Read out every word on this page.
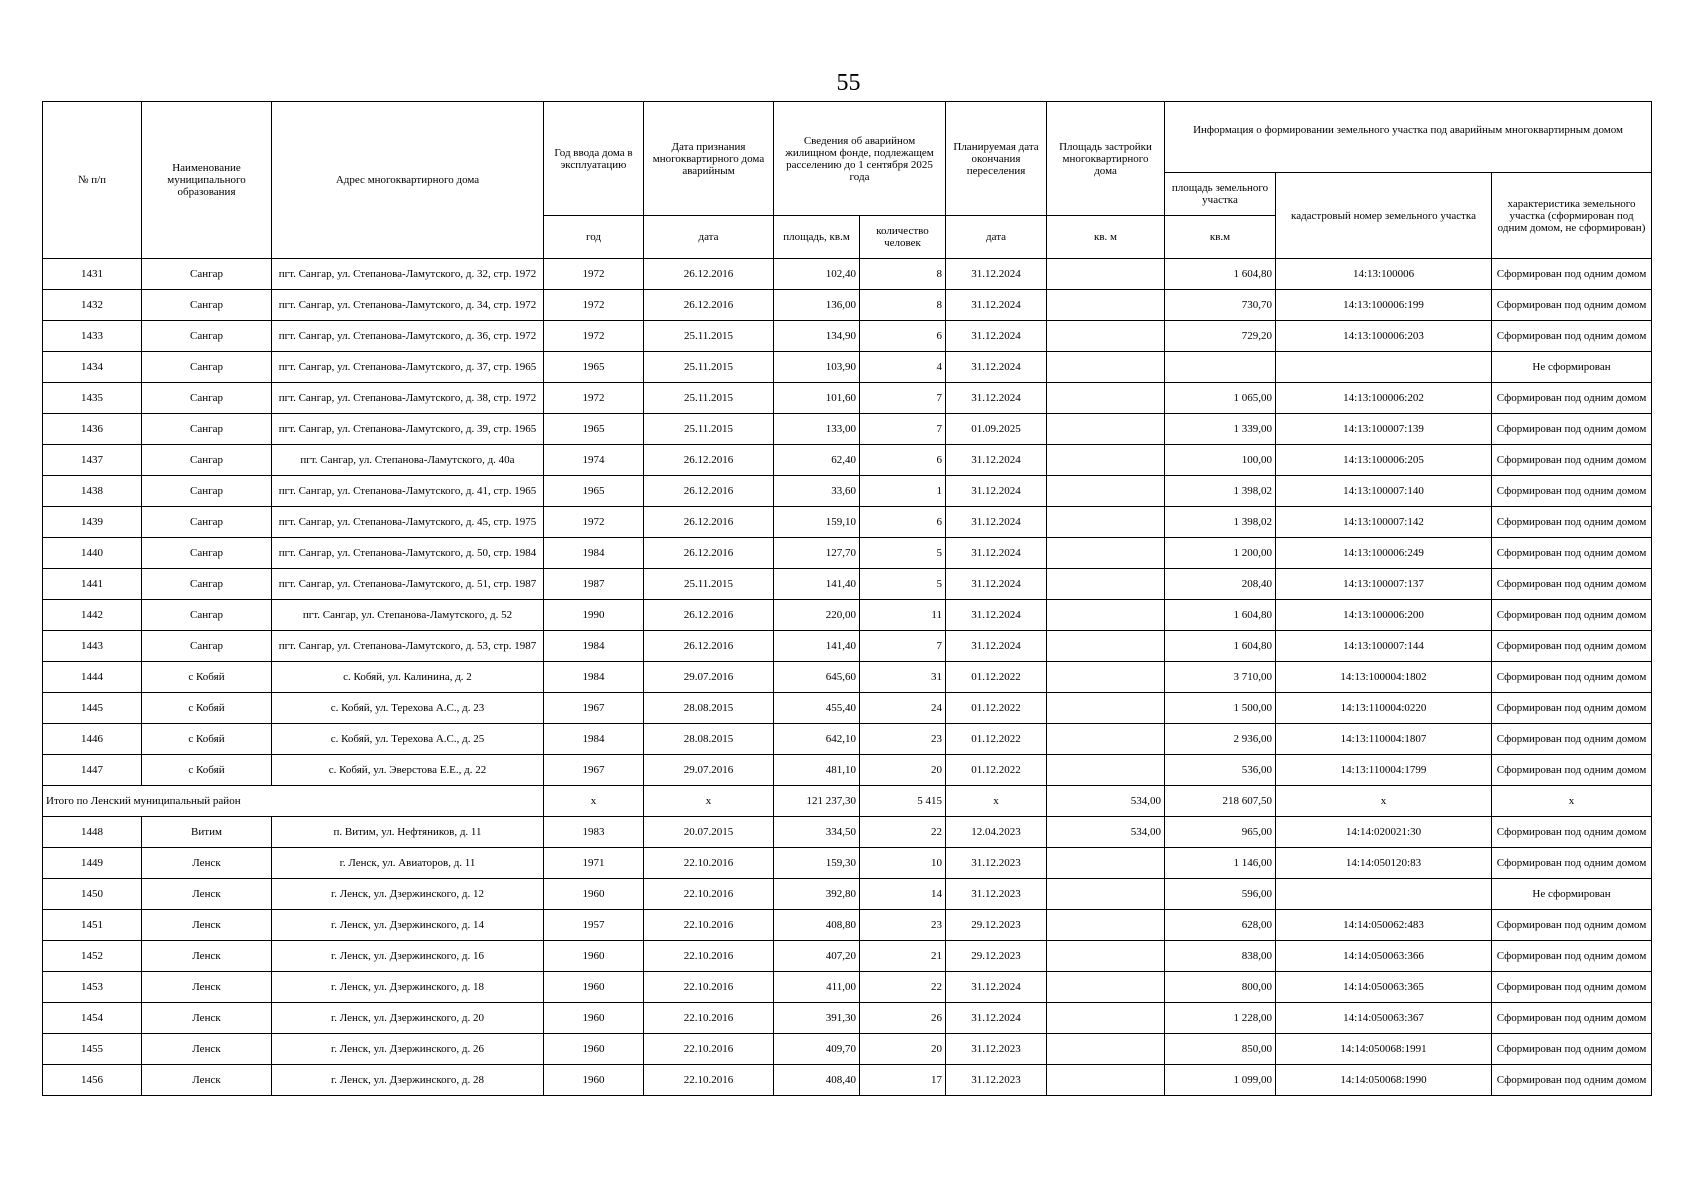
55
№ п/п	Наименование муниципального образования	Адрес многоквартирного дома	Год ввода дома в эксплуатацию	Дата признания многоквартирного дома аварийным	Сведения об аварийном жилищном фонде, подлежащем расселению до 1 сентября 2025 года		Планируемая дата окончания переселения	Площадь застройки многоквартирного дома	Информация о формировании земельного участка под аварийным многоквартирным домом		
									площадь земельного участка	кадастровый номер земельного участка	характеристика земельного участка (сформирован под одним домом, не сформирован)
			год	дата	площадь, кв.м	количество человек	дата	кв. м	кв.м		
1431	Сангар	пгт. Сангар, ул. Степанова-Ламутского, д. 32, стр. 1972	1972	26.12.2016	102,40	8	31.12.2024		1 604,80	14:13:100006	Сформирован под одним домом
1432	Сангар	пгт. Сангар, ул. Степанова-Ламутского, д. 34, стр. 1972	1972	26.12.2016	136,00	8	31.12.2024		730,70	14:13:100006:199	Сформирован под одним домом
1433	Сангар	пгт. Сангар, ул. Степанова-Ламутского, д. 36, стр. 1972	1972	25.11.2015	134,90	6	31.12.2024		729,20	14:13:100006:203	Сформирован под одним домом
1434	Сангар	пгт. Сангар, ул. Степанова-Ламутского, д. 37, стр. 1965	1965	25.11.2015	103,90	4	31.12.2024				Не сформирован
1435	Сангар	пгт. Сангар, ул. Степанова-Ламутского, д. 38, стр. 1972	1972	25.11.2015	101,60	7	31.12.2024		1 065,00	14:13:100006:202	Сформирован под одним домом
1436	Сангар	пгт. Сангар, ул. Степанова-Ламутского, д. 39, стр. 1965	1965	25.11.2015	133,00	7	01.09.2025		1 339,00	14:13:100007:139	Сформирован под одним домом
1437	Сангар	пгт. Сангар, ул. Степанова-Ламутского, д. 40а	1974	26.12.2016	62,40	6	31.12.2024		100,00	14:13:100006:205	Сформирован под одним домом
1438	Сангар	пгт. Сангар, ул. Степанова-Ламутского, д. 41, стр. 1965	1965	26.12.2016	33,60	1	31.12.2024		1 398,02	14:13:100007:140	Сформирован под одним домом
1439	Сангар	пгт. Сангар, ул. Степанова-Ламутского, д. 45, стр. 1975	1972	26.12.2016	159,10	6	31.12.2024		1 398,02	14:13:100007:142	Сформирован под одним домом
1440	Сангар	пгт. Сангар, ул. Степанова-Ламутского, д. 50, стр. 1984	1984	26.12.2016	127,70	5	31.12.2024		1 200,00	14:13:100006:249	Сформирован под одним домом
1441	Сангар	пгт. Сангар, ул. Степанова-Ламутского, д. 51, стр. 1987	1987	25.11.2015	141,40	5	31.12.2024		208,40	14:13:100007:137	Сформирован под одним домом
1442	Сангар	пгт. Сангар, ул. Степанова-Ламутского, д. 52	1990	26.12.2016	220,00	11	31.12.2024		1 604,80	14:13:100006:200	Сформирован под одним домом
1443	Сангар	пгт. Сангар, ул. Степанова-Ламутского, д. 53, стр. 1987	1984	26.12.2016	141,40	7	31.12.2024		1 604,80	14:13:100007:144	Сформирован под одним домом
1444	с Кобяй	с. Кобяй, ул. Калинина, д. 2	1984	29.07.2016	645,60	31	01.12.2022		3 710,00	14:13:100004:1802	Сформирован под одним домом
1445	с Кобяй	с. Кобяй, ул. Терехова А.С., д. 23	1967	28.08.2015	455,40	24	01.12.2022		1 500,00	14:13:110004:0220	Сформирован под одним домом
1446	с Кобяй	с. Кобяй, ул. Терехова А.С., д. 25	1984	28.08.2015	642,10	23	01.12.2022		2 936,00	14:13:110004:1807	Сформирован под одним домом
1447	с Кобяй	с. Кобяй, ул. Эверстова Е.Е., д. 22	1967	29.07.2016	481,10	20	01.12.2022		536,00	14:13:110004:1799	Сформирован под одним домом
Итого по Ленский муниципальный район			x	x	121 237,30	5 415	x	534,00	218 607,50	x	x
1448	Витим	п. Витим, ул. Нефтяников, д. 11	1983	20.07.2015	334,50	22	12.04.2023	534,00	965,00	14:14:020021:30	Сформирован под одним домом
1449	Ленск	г. Ленск, ул. Авиаторов, д. 11	1971	22.10.2016	159,30	10	31.12.2023		1 146,00	14:14:050120:83	Сформирован под одним домом
1450	Ленск	г. Ленск, ул. Дзержинского, д. 12	1960	22.10.2016	392,80	14	31.12.2023		596,00		Не сформирован
1451	Ленск	г. Ленск, ул. Дзержинского, д. 14	1957	22.10.2016	408,80	23	29.12.2023		628,00	14:14:050062:483	Сформирован под одним домом
1452	Ленск	г. Ленск, ул. Дзержинского, д. 16	1960	22.10.2016	407,20	21	29.12.2023		838,00	14:14:050063:366	Сформирован под одним домом
1453	Ленск	г. Ленск, ул. Дзержинского, д. 18	1960	22.10.2016	411,00	22	31.12.2024		800,00	14:14:050063:365	Сформирован под одним домом
1454	Ленск	г. Ленск, ул. Дзержинского, д. 20	1960	22.10.2016	391,30	26	31.12.2024		1 228,00	14:14:050063:367	Сформирован под одним домом
1455	Ленск	г. Ленск, ул. Дзержинского, д. 26	1960	22.10.2016	409,70	20	31.12.2023		850,00	14:14:050068:1991	Сформирован под одним домом
1456	Ленск	г. Ленск, ул. Дзержинского, д. 28	1960	22.10.2016	408,40	17	31.12.2023		1 099,00	14:14:050068:1990	Сформирован под одним домом
